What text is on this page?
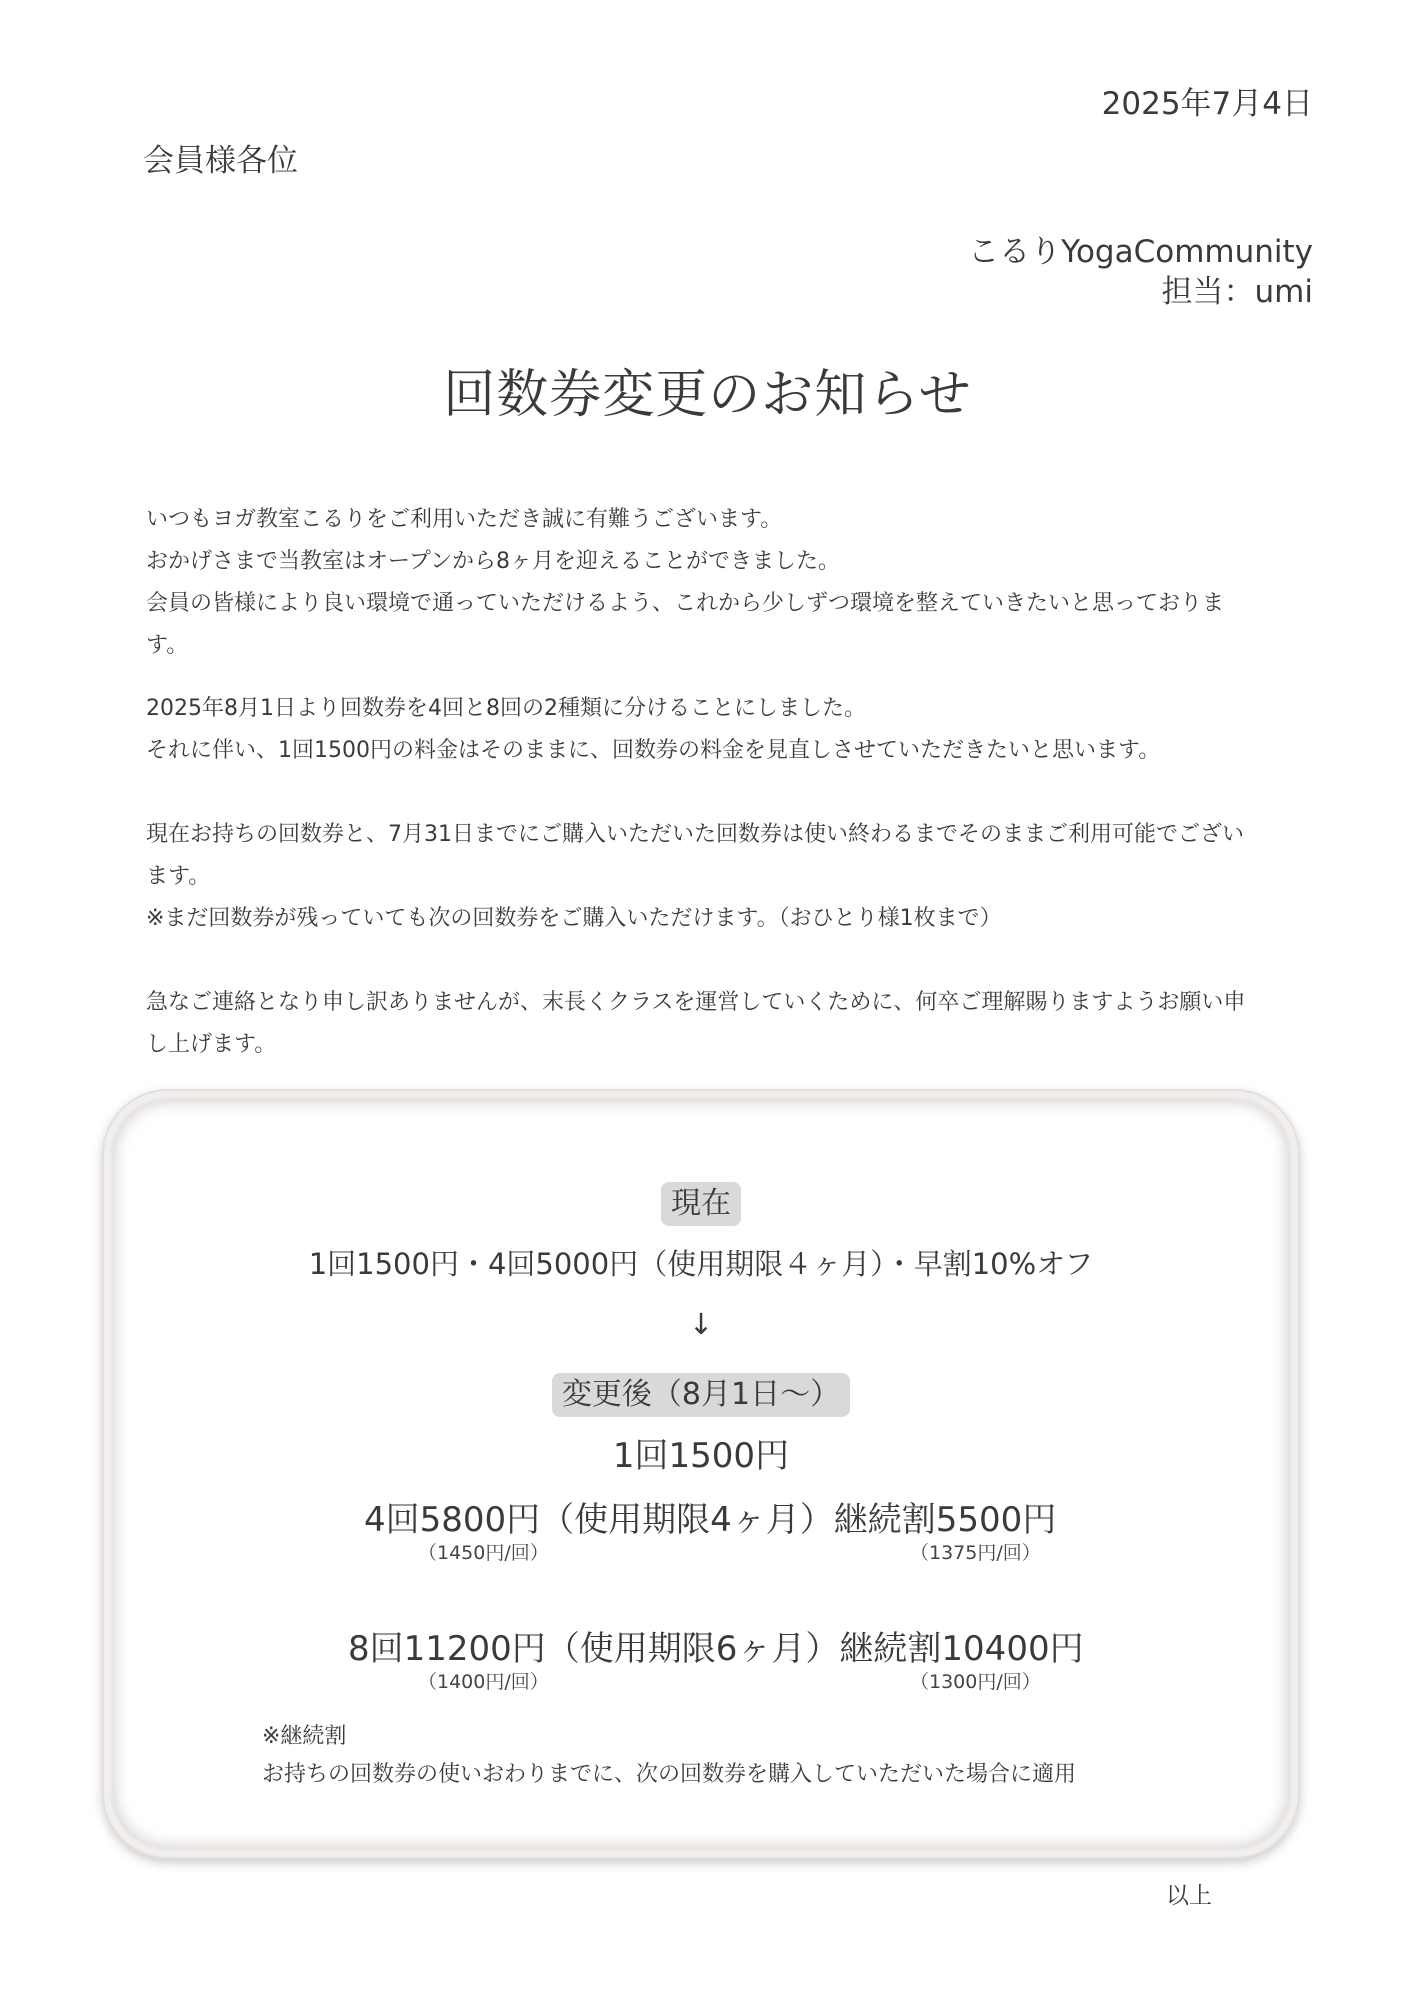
2025年7月4日
会員様各位
こるりYogaCommunity
担当：umi
回数券変更のお知らせ

いつもヨガ教室こるりをご利用いただき誠に有難うございます。

おかげさまで当教室はオープンから8ヶ月を迎えることができました。

会員の皆様により良い環境で通っていただけるよう、これから少しずつ環境を整えていきたいと思っております。

2025年8月1日より回数券を4回と8回の2種類に分けることにしました。

それに伴い、1回1500円の料金はそのままに、回数券の料金を見直しさせていただきたいと思います。

現在お持ちの回数券と、7月31日までにご購入いただいた回数券は使い終わるまでそのままご利用可能でございます。

※まだ回数券が残っていても次の回数券をご購入いただけます。（おひとり様1枚まで）

急なご連絡となり申し訳ありませんが、末長くクラスを運営していくために、何卒ご理解賜りますようお願い申し上げます。

現在
1回1500円・4回5000円（使用期限４ヶ月）・早割10%オフ
↓
変更後（8月1日〜）
1回1500円
4回5800円（使用期限4ヶ月）継続割5500円
（1450円/回）	（1375円/回）
8回11200円（使用期限6ヶ月）継続割10400円
（1400円/回）	（1300円/回）

※継続割

お持ちの回数券の使いおわりまでに、次の回数券を購入していただいた場合に適用

以上
